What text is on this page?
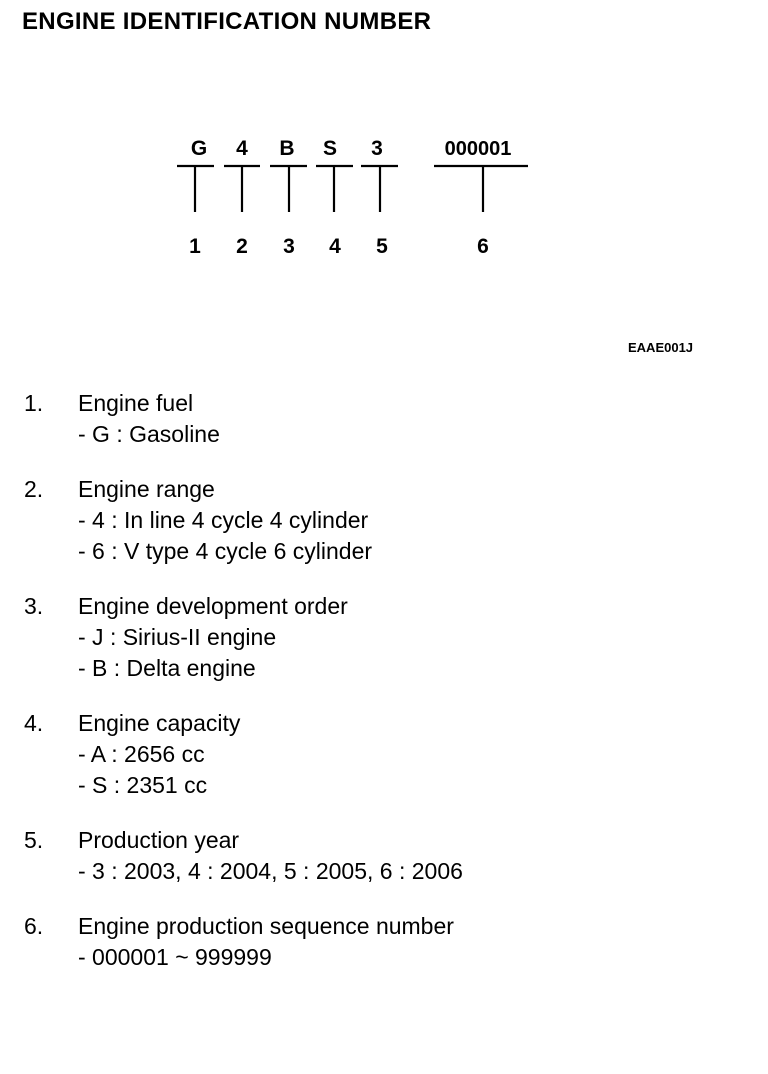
ENGINE IDENTIFICATION NUMBER
G 4 B S 3	000001
1 2 3 4 5	6
EAAE001J
1. Engine fuel
- G : Gasoline
2. Engine range
- 4 : In line 4 cycle 4 cylinder
- 6 : V type 4 cycle 6 cylinder
3. Engine development order
- J : Sirius-II engine
- B : Delta engine
4. Engine capacity
- A : 2656 cc
- S : 2351 cc
5. Production year
- 3 : 2003, 4 : 2004, 5 : 2005, 6 : 2006
6. Engine production sequence number
- 000001 ~ 999999
